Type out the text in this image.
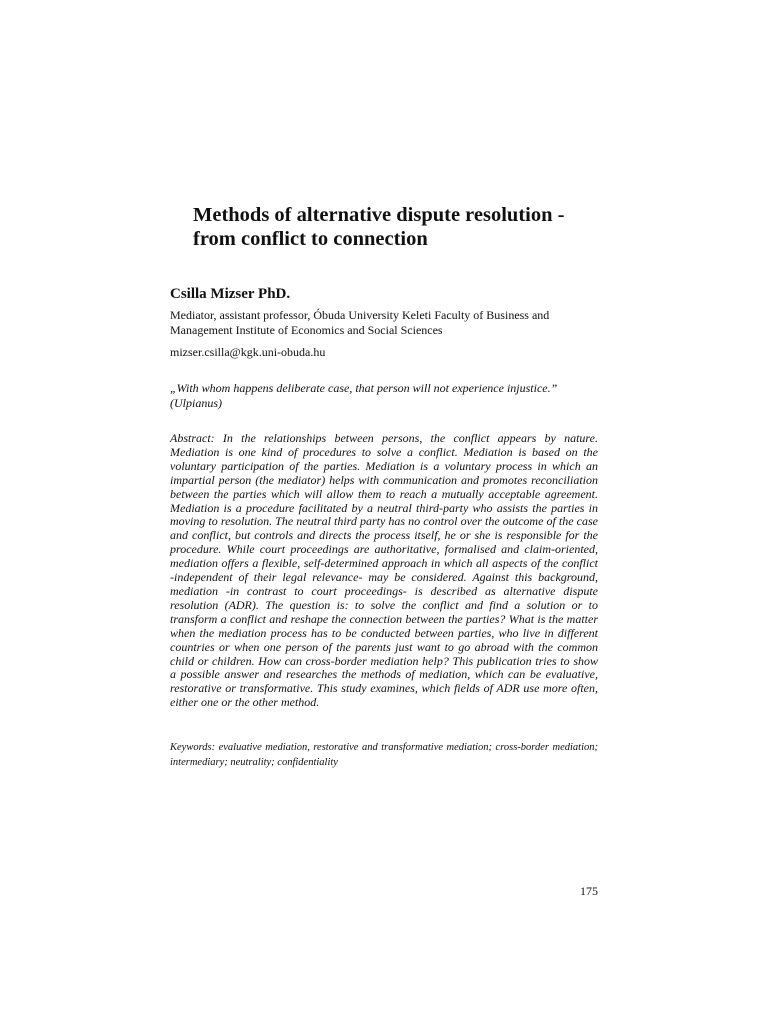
Methods of alternative dispute resolution -
from conflict to connection

Csilla Mizser PhD.

Mediator, assistant professor, Óbuda University Keleti Faculty of Business and Management Institute of Economics and Social Sciences

mizser.csilla@kgk.uni-obuda.hu

„With whom happens deliberate case, that person will not experience injustice.”
(Ulpianus)

Abstract: In the relationships between persons, the conflict appears by nature. Mediation is one kind of procedures to solve a conflict. Mediation is based on the voluntary participation of the parties. Mediation is a voluntary process in which an impartial person (the mediator) helps with communication and promotes reconciliation between the parties which will allow them to reach a mutually acceptable agreement. Mediation is a procedure facilitated by a neutral third-party who assists the parties in moving to resolution. The neutral third party has no control over the outcome of the case and conflict, but controls and directs the process itself, he or she is responsible for the procedure. While court proceedings are authoritative, formalised and claim-oriented, mediation offers a flexible, self-determined approach in which all aspects of the conflict -independent of their legal relevance- may be considered. Against this background, mediation -in contrast to court proceedings- is described as alternative dispute resolution (ADR). The question is: to solve the conflict and find a solution or to transform a conflict and reshape the connection between the parties? What is the matter when the mediation process has to be conducted between parties, who live in different countries or when one person of the parents just want to go abroad with the common child or children. How can cross-border mediation help? This publication tries to show a possible answer and researches the methods of mediation, which can be evaluative, restorative or transformative. This study examines, which fields of ADR use more often, either one or the other method.

Keywords: evaluative mediation, restorative and transformative mediation; cross-border mediation; intermediary; neutrality; confidentiality

175
